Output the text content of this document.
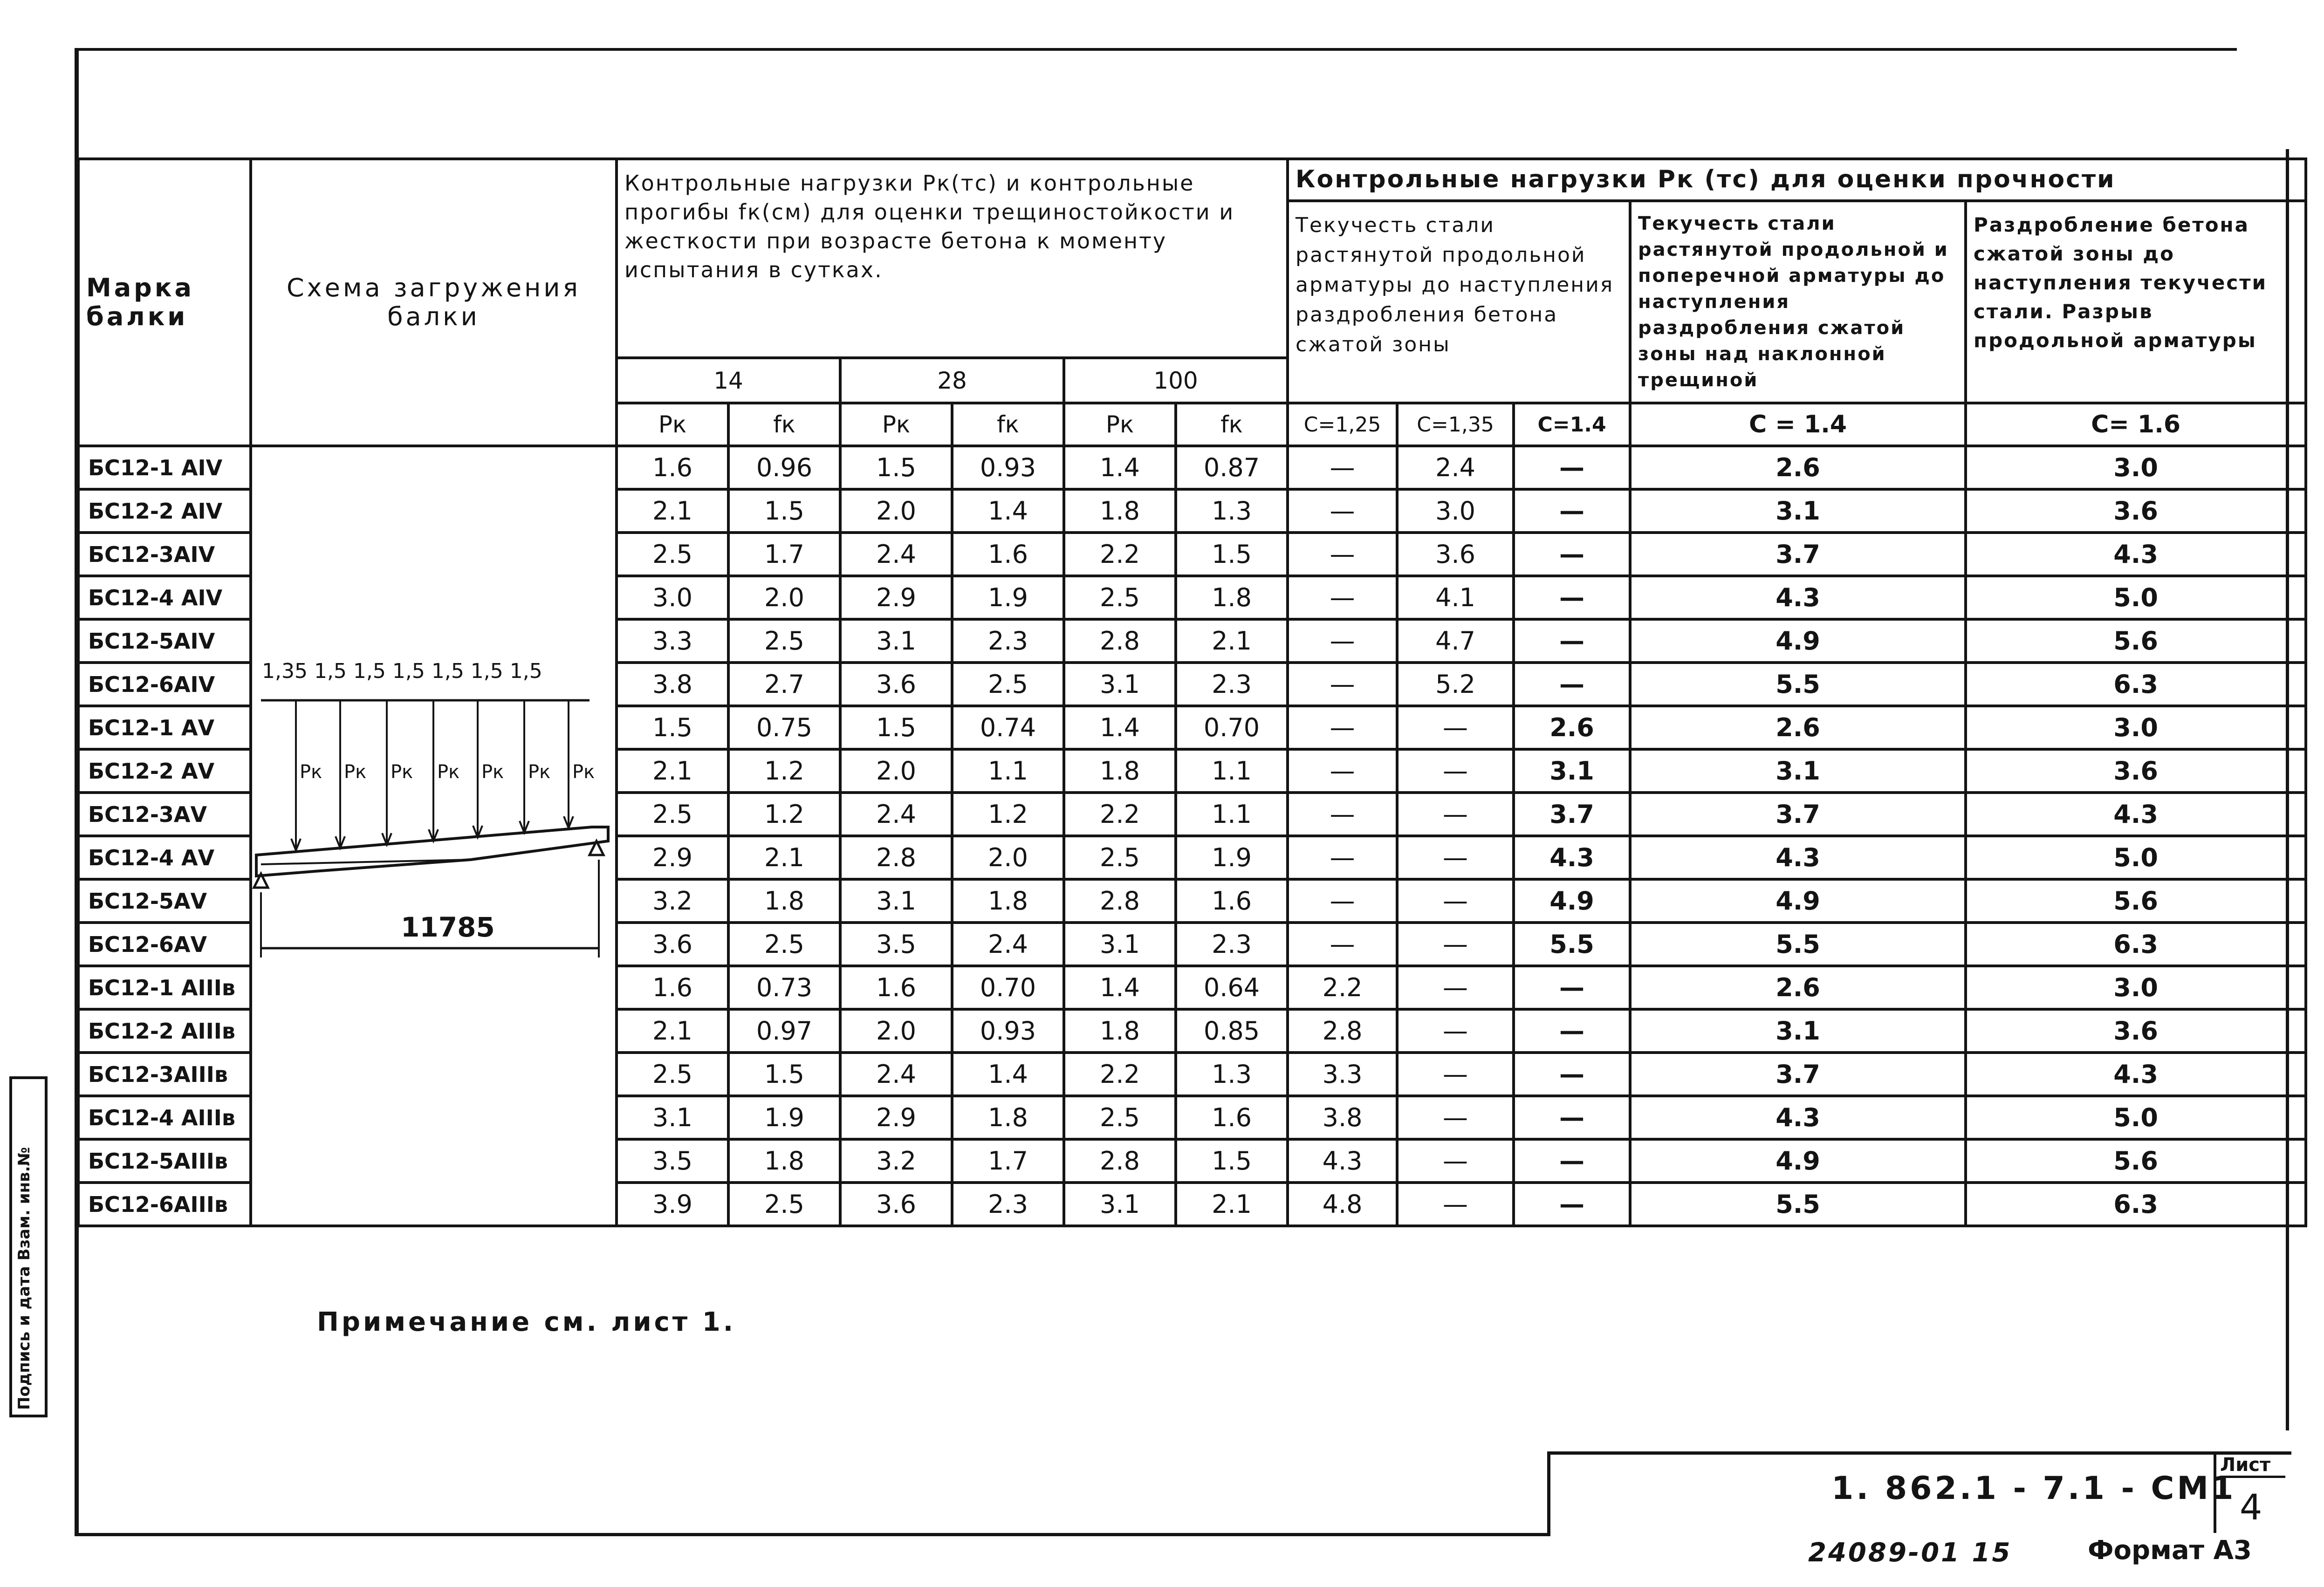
Марка балки	Схема загружения балки	Контрольные нагрузки Рк(тс) и контрольные прогибы fк(см) для оценки трещиностойкости и жесткости при возрасте бетона к моменту испытания в сутках.						Контрольные нагрузки Рк (тс) для оценки прочности				
								Текучесть стали растянутой продольной арматуры до наступления раздробления бетона сжатой зоны			Текучесть стали растянутой продольной и поперечной арматуры до наступления раздробления сжатой зоны над наклонной трещиной	Раздробление бетона сжатой зоны до наступления текучести стали. Разрыв продольной арматуры
		14		28		100						
		Рк	fк	Рк	fк	Рк	fк	C=1,25	C=1,35	C=1.4	C = 1.4	C= 1.6
БС12-1 АIV		1.6	0.96	1.5	0.93	1.4	0.87	—	2.4	—	2.6	3.0
БС12-2 АIV		2.1	1.5	2.0	1.4	1.8	1.3	—	3.0	—	3.1	3.6
БС12-3АIV		2.5	1.7	2.4	1.6	2.2	1.5	—	3.6	—	3.7	4.3
БС12-4 АIV		3.0	2.0	2.9	1.9	2.5	1.8	—	4.1	—	4.3	5.0
БС12-5АIV		3.3	2.5	3.1	2.3	2.8	2.1	—	4.7	—	4.9	5.6
БС12-6АIV		3.8	2.7	3.6	2.5	3.1	2.3	—	5.2	—	5.5	6.3
БС12-1 АV		1.5	0.75	1.5	0.74	1.4	0.70	—	—	2.6	2.6	3.0
БС12-2 АV		2.1	1.2	2.0	1.1	1.8	1.1	—	—	3.1	3.1	3.6
БС12-3АV		2.5	1.2	2.4	1.2	2.2	1.1	—	—	3.7	3.7	4.3
БС12-4 АV		2.9	2.1	2.8	2.0	2.5	1.9	—	—	4.3	4.3	5.0
БС12-5АV		3.2	1.8	3.1	1.8	2.8	1.6	—	—	4.9	4.9	5.6
БС12-6АV		3.6	2.5	3.5	2.4	3.1	2.3	—	—	5.5	5.5	6.3
БС12-1 АIIIв		1.6	0.73	1.6	0.70	1.4	0.64	2.2	—	—	2.6	3.0
БС12-2 АIIIв		2.1	0.97	2.0	0.93	1.8	0.85	2.8	—	—	3.1	3.6
БС12-3АIIIв		2.5	1.5	2.4	1.4	2.2	1.3	3.3	—	—	3.7	4.3
БС12-4 АIIIв		3.1	1.9	2.9	1.8	2.5	1.6	3.8	—	—	4.3	5.0
БС12-5АIIIв		3.5	1.8	3.2	1.7	2.8	1.5	4.3	—	—	4.9	5.6
БС12-6АIIIв		3.9	2.5	3.6	2.3	3.1	2.1	4.8	—	—	5.5	6.3
1,35 1,5 1,5 1,5 1,5 1,5 1,5
Рк Рк Рк Рк Рк Рк Рк
11785
Примечание см. лист 1.
1. 862.1 - 7.1 - СМ1
Лист
4
24089-01 15	Формат А3
Подпись и дата Взам. инв.№
